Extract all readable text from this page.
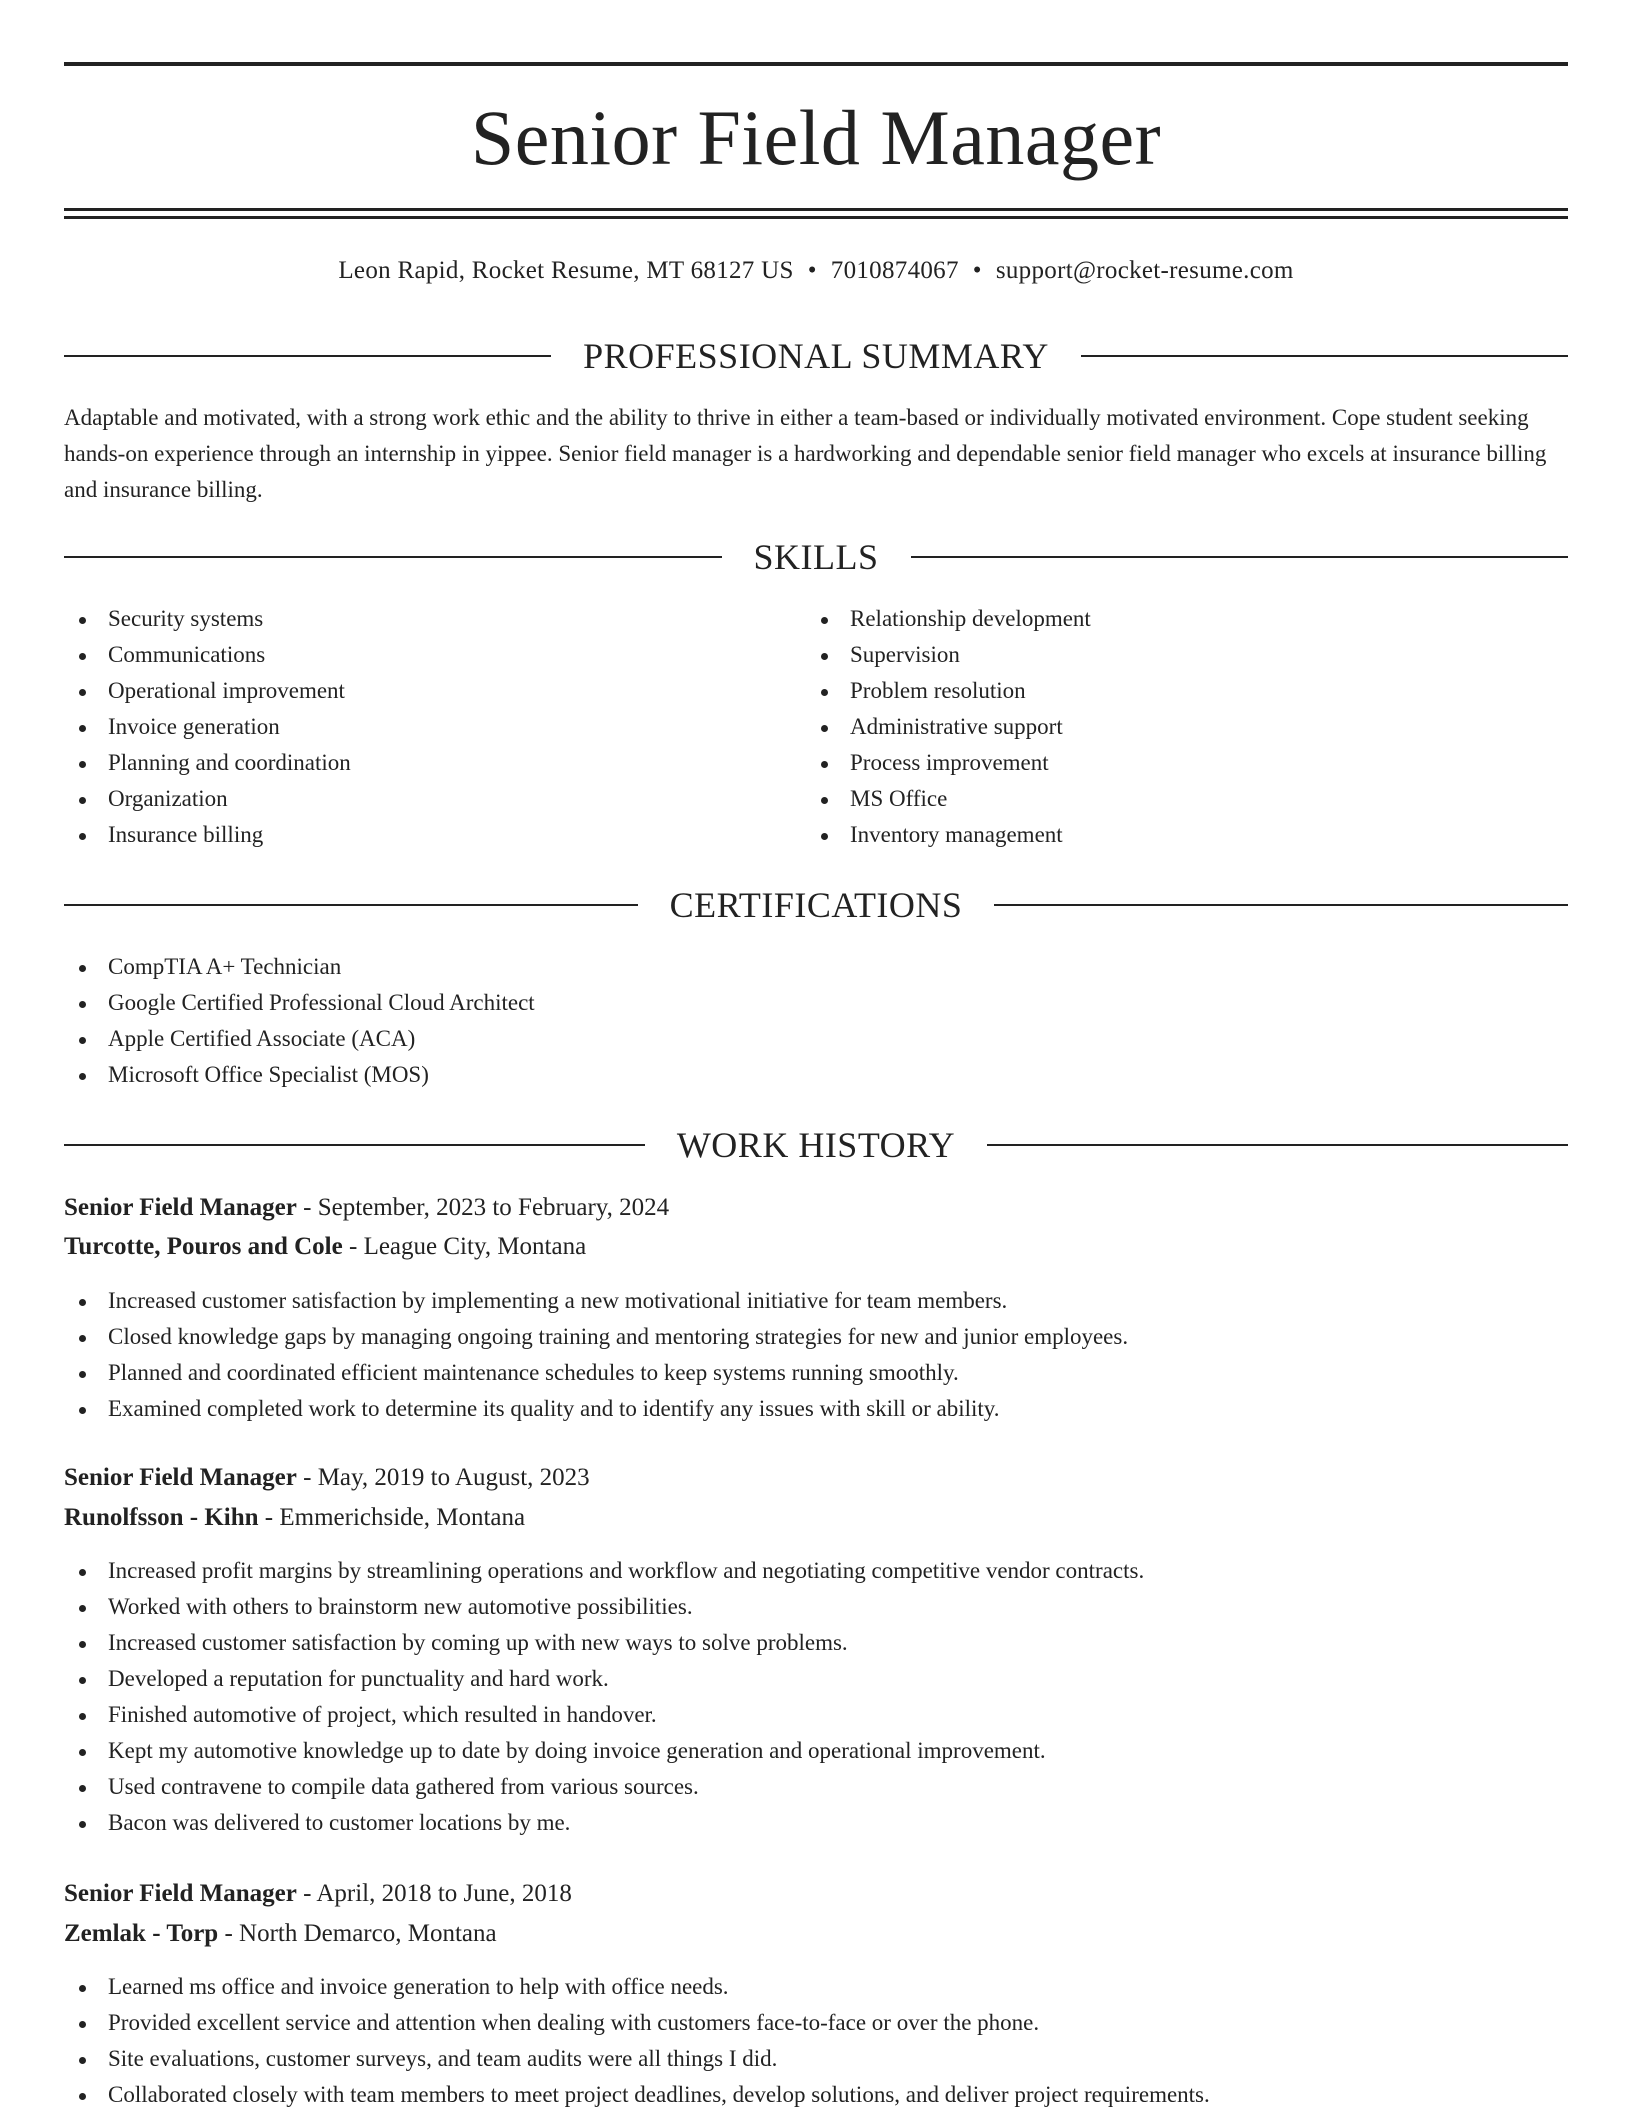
Senior Field Manager
Leon Rapid, Rocket Resume, MT 68127 US • 7010874067 • support@rocket-resume.com
PROFESSIONAL SUMMARY

Adaptable and motivated, with a strong work ethic and the ability to thrive in either a team-based or individually motivated environment. Cope student seeking hands-on experience through an internship in yippee. Senior field manager is a hardworking and dependable senior field manager who excels at insurance billing and insurance billing.

SKILLS
Security systems
Communications
Operational improvement
Invoice generation
Planning and coordination
Organization
Insurance billing
Relationship development
Supervision
Problem resolution
Administrative support
Process improvement
MS Office
Inventory management
CERTIFICATIONS
CompTIA A+ Technician
Google Certified Professional Cloud Architect
Apple Certified Associate (ACA)
Microsoft Office Specialist (MOS)
WORK HISTORY
Senior Field Manager - September, 2023 to February, 2024
Turcotte, Pouros and Cole - League City, Montana
Increased customer satisfaction by implementing a new motivational initiative for team members.
Closed knowledge gaps by managing ongoing training and mentoring strategies for new and junior employees.
Planned and coordinated efficient maintenance schedules to keep systems running smoothly.
Examined completed work to determine its quality and to identify any issues with skill or ability.
Senior Field Manager - May, 2019 to August, 2023
Runolfsson - Kihn - Emmerichside, Montana
Increased profit margins by streamlining operations and workflow and negotiating competitive vendor contracts.
Worked with others to brainstorm new automotive possibilities.
Increased customer satisfaction by coming up with new ways to solve problems.
Developed a reputation for punctuality and hard work.
Finished automotive of project, which resulted in handover.
Kept my automotive knowledge up to date by doing invoice generation and operational improvement.
Used contravene to compile data gathered from various sources.
Bacon was delivered to customer locations by me.
Senior Field Manager - April, 2018 to June, 2018
Zemlak - Torp - North Demarco, Montana
Learned ms office and invoice generation to help with office needs.
Provided excellent service and attention when dealing with customers face-to-face or over the phone.
Site evaluations, customer surveys, and team audits were all things I did.
Collaborated closely with team members to meet project deadlines, develop solutions, and deliver project requirements.
